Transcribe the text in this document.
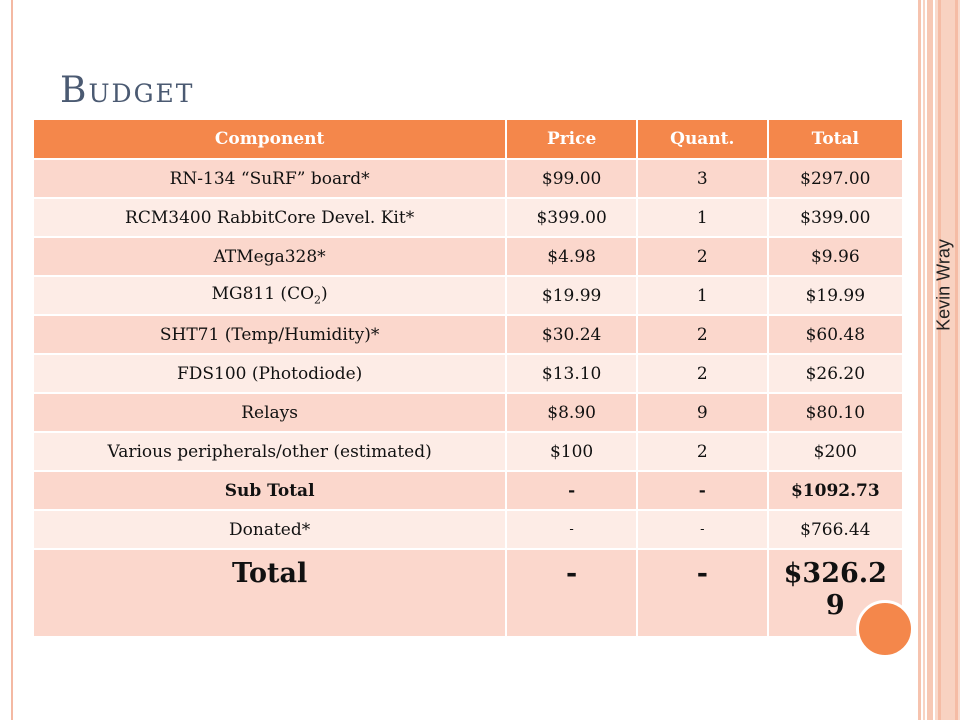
Kevin Wray
Budget
Component	Price	Quant.	Total
RN-134 “SuRF” board*	$99.00	3	$297.00
RCM3400 RabbitCore Devel. Kit*	$399.00	1	$399.00
ATMega328*	$4.98	2	$9.96
MG811 $(CO_2)$	$19.99	1	$19.99
SHT71 (Temp/Humidity)*	$30.24	2	$60.48
FDS100 (Photodiode)	$13.10	2	$26.20
Relays	$8.90	9	$80.10
Various peripherals/other (estimated)	$100	2	$200
Sub Total	-	-	$1092.73
Donated*	-	-	$766.44
Total	-	-	$326.2
9
